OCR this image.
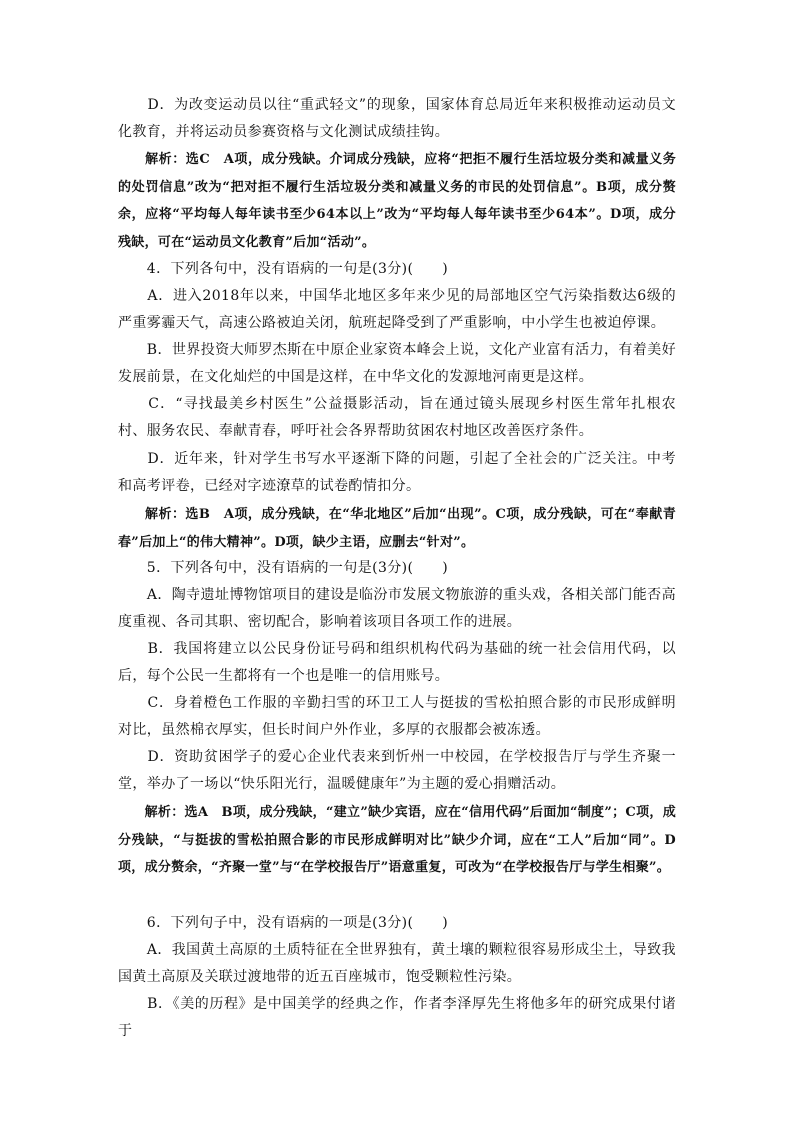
　　D．为改变运动员以往“重武轻文”的现象，国家体育总局近年来积极推动运动员文化教育，并将运动员参赛资格与文化测试成绩挂钩。

　　解析：选C　A项，成分残缺。介词成分残缺，应将“把拒不履行生活垃圾分类和减量义务的处罚信息”改为“把对拒不履行生活垃圾分类和减量义务的市民的处罚信息”。B项，成分赘余，应将“平均每人每年读书至少64本以上”改为“平均每人每年读书至少64本”。D项，成分残缺，可在“运动员文化教育”后加“活动”。

　　4．下列各句中，没有语病的一句是(3分)(　　)

　　A．进入2018年以来，中国华北地区多年来少见的局部地区空气污染指数达6级的严重雾霾天气，高速公路被迫关闭，航班起降受到了严重影响，中小学生也被迫停课。

　　B．世界投资大师罗杰斯在中原企业家资本峰会上说，文化产业富有活力，有着美好发展前景，在文化灿烂的中国是这样，在中华文化的发源地河南更是这样。

　　C．“寻找最美乡村医生”公益摄影活动，旨在通过镜头展现乡村医生常年扎根农村、服务农民、奉献青春，呼吁社会各界帮助贫困农村地区改善医疗条件。

　　D．近年来，针对学生书写水平逐渐下降的问题，引起了全社会的广泛关注。中考和高考评卷，已经对字迹潦草的试卷酌情扣分。

　　解析：选B　A项，成分残缺，在“华北地区”后加“出现”。C项，成分残缺，可在“奉献青春”后加上“的伟大精神”。D项，缺少主语，应删去“针对”。

　　5．下列各句中，没有语病的一句是(3分)(　　)

　　A．陶寺遗址博物馆项目的建设是临汾市发展文物旅游的重头戏，各相关部门能否高度重视、各司其职、密切配合，影响着该项目各项工作的进展。

　　B．我国将建立以公民身份证号码和组织机构代码为基础的统一社会信用代码，以后，每个公民一生都将有一个也是唯一的信用账号。

　　C．身着橙色工作服的辛勤扫雪的环卫工人与挺拔的雪松拍照合影的市民形成鲜明对比，虽然棉衣厚实，但长时间户外作业，多厚的衣服都会被冻透。

　　D．资助贫困学子的爱心企业代表来到忻州一中校园，在学校报告厅与学生齐聚一堂，举办了一场以“快乐阳光行，温暖健康年”为主题的爱心捐赠活动。

　　解析：选A　B项，成分残缺，“建立”缺少宾语，应在“信用代码”后面加“制度”；C项，成分残缺，“与挺拔的雪松拍照合影的市民形成鲜明对比”缺少介词，应在“工人”后加“同”。D项，成分赘余，“齐聚一堂”与“在学校报告厅”语意重复，可改为“在学校报告厅与学生相聚”。

　　6．下列句子中，没有语病的一项是(3分)(　　)

　　A．我国黄土高原的土质特征在全世界独有，黄土壤的颗粒很容易形成尘土，导致我国黄土高原及关联过渡地带的近五百座城市，饱受颗粒性污染。

　　B．《美的历程》是中国美学的经典之作，作者李泽厚先生将他多年的研究成果付诸于
